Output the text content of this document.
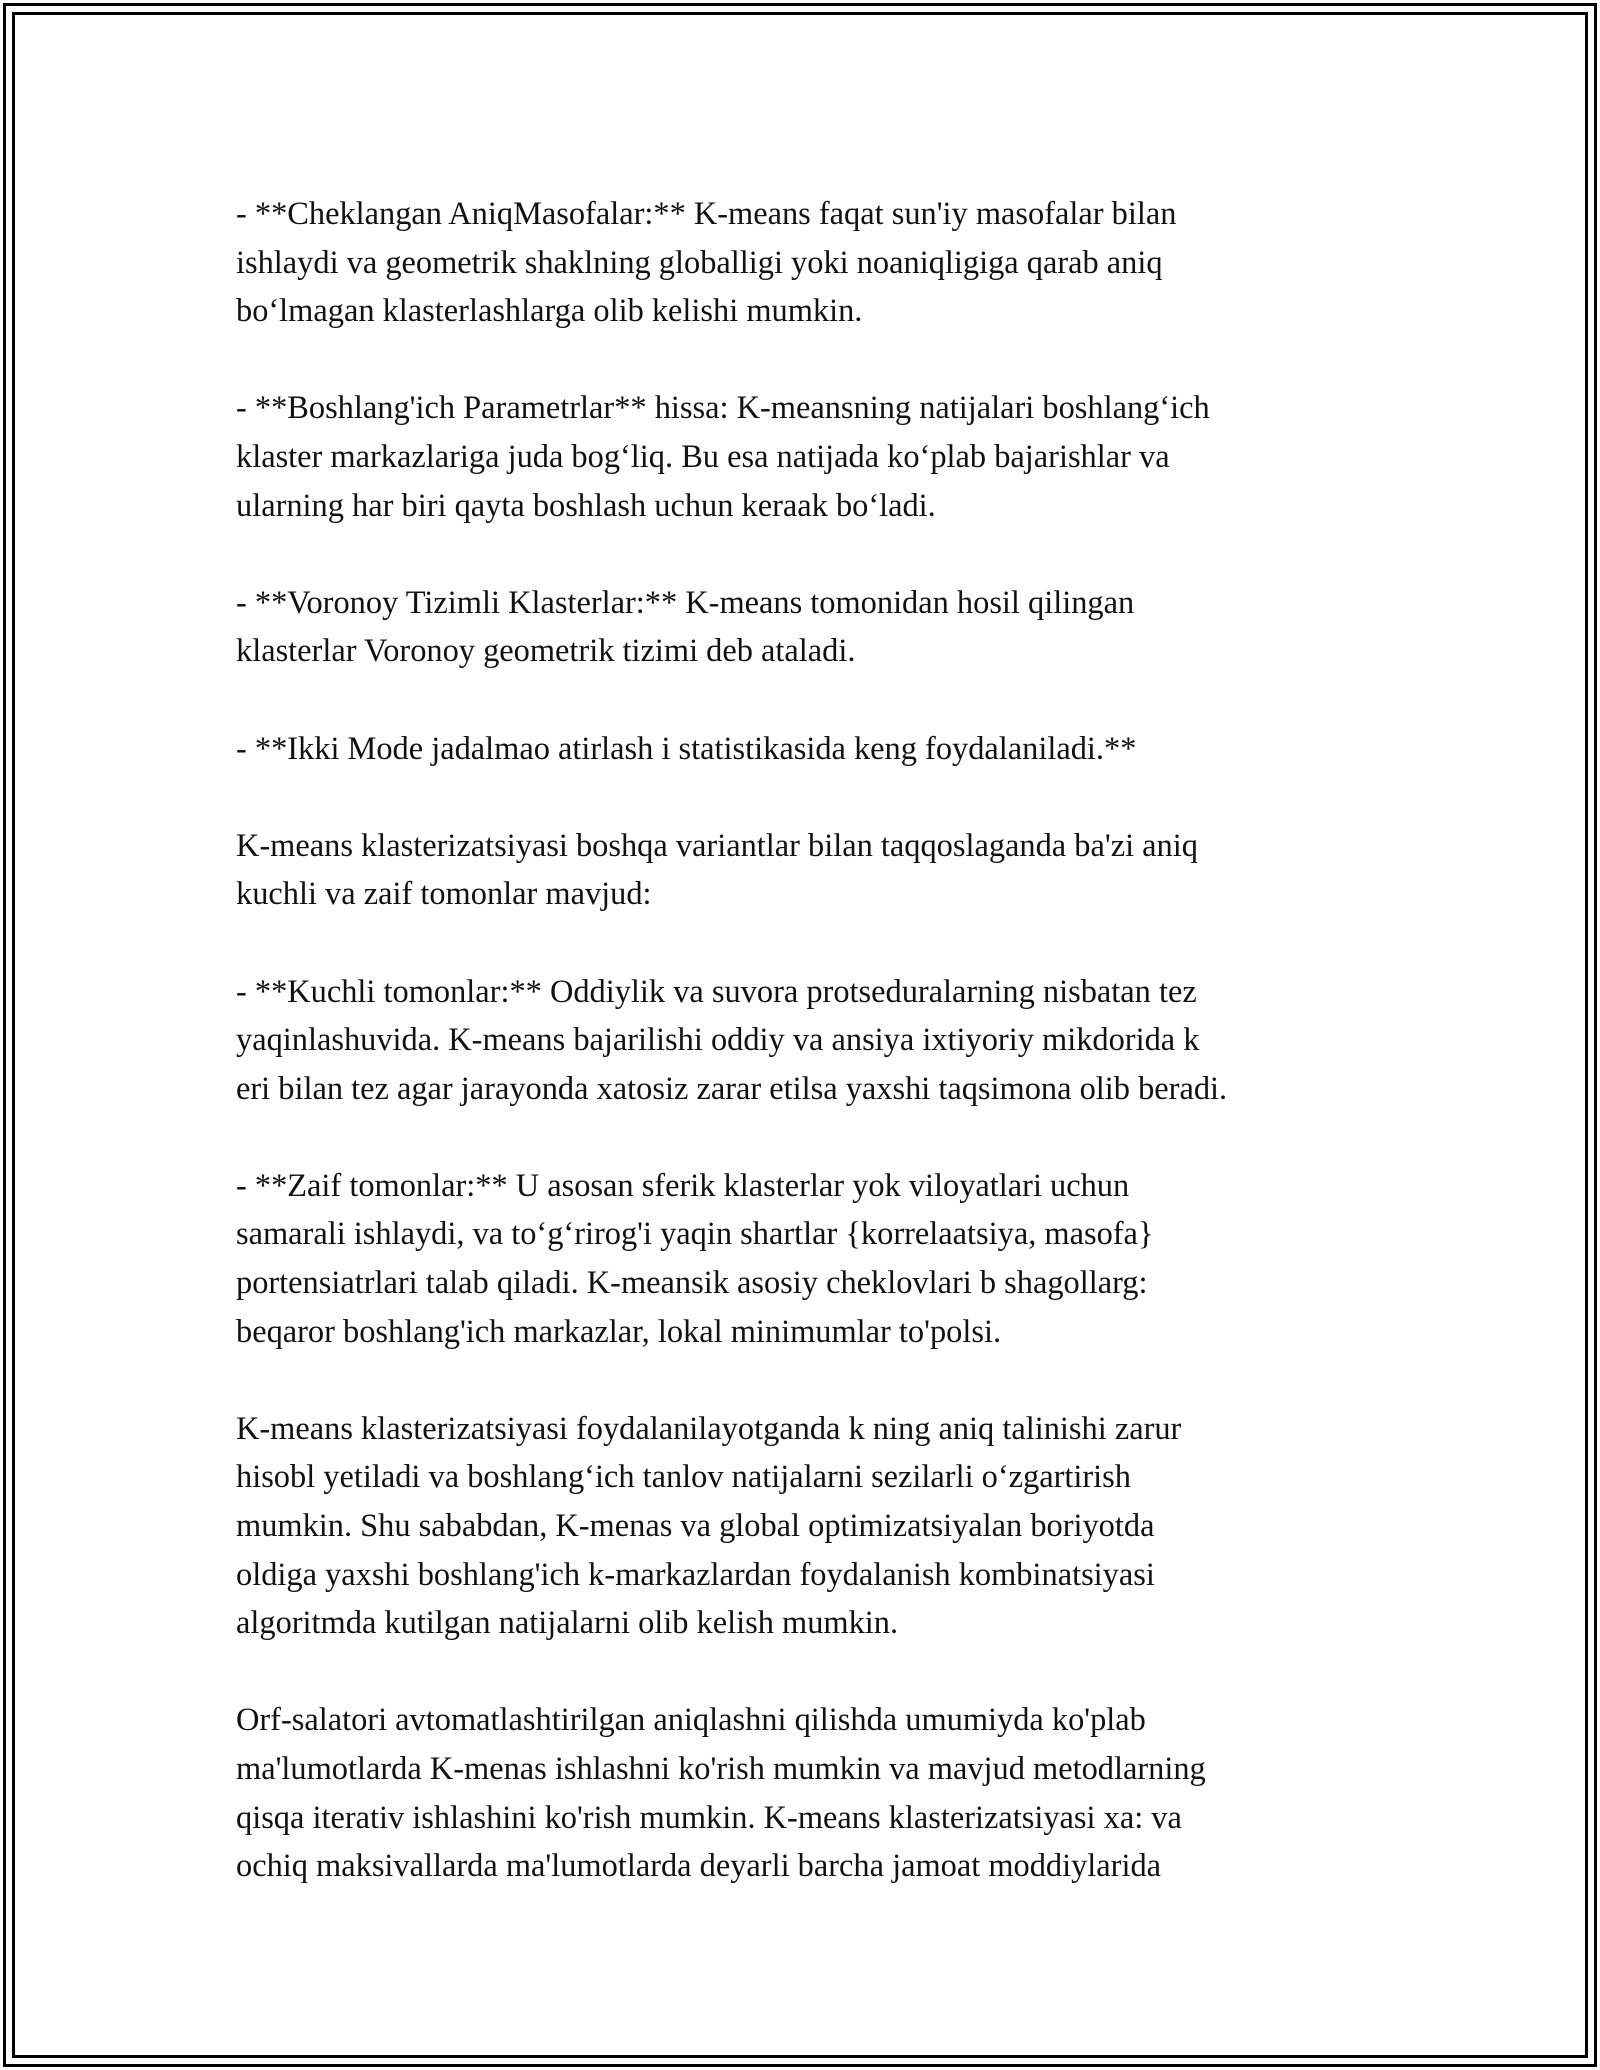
- **Cheklangan AniqMasofalar:** K-means faqat sun'iy masofalar bilan
ishlaydi va geometrik shaklning globalligi yoki noaniqligiga qarab aniq
bo‘lmagan klasterlashlarga olib kelishi mumkin.

- **Boshlang'ich Parametrlar** hissa: K-meansning natijalari boshlang‘ich
klaster markazlariga juda bog‘liq. Bu esa natijada ko‘plab bajarishlar va
ularning har biri qayta boshlash uchun keraak bo‘ladi.

- **Voronoy Tizimli Klasterlar:** K-means tomonidan hosil qilingan
klasterlar Voronoy geometrik tizimi deb ataladi.

- **Ikki Mode jadalmao atirlash i statistikasida keng foydalaniladi.**

K-means klasterizatsiyasi boshqa variantlar bilan taqqoslaganda ba'zi aniq
kuchli va zaif tomonlar mavjud:

- **Kuchli tomonlar:** Oddiylik va suvora protseduralarning nisbatan tez
yaqinlashuvida. K-means bajarilishi oddiy va ansiya ixtiyoriy mikdorida k
eri bilan tez agar jarayonda xatosiz zarar etilsa yaxshi taqsimona olib beradi.

- **Zaif tomonlar:** U asosan sferik klasterlar yok viloyatlari uchun
samarali ishlaydi, va to‘g‘rirog'i yaqin shartlar {korrelaatsiya, masofa}
portensiatrlari talab qiladi. K-meansik asosiy cheklovlari b shagollarg:
beqaror boshlang'ich markazlar, lokal minimumlar to'polsi.

K-means klasterizatsiyasi foydalanilayotganda k ning aniq talinishi zarur
hisobl yetiladi va boshlang‘ich tanlov natijalarni sezilarli o‘zgartirish
mumkin. Shu sababdan, K-menas va global optimizatsiyalan boriyotda
oldiga yaxshi boshlang'ich k-markazlardan foydalanish kombinatsiyasi
algoritmda kutilgan natijalarni olib kelish mumkin.

Orf-salatori avtomatlashtirilgan aniqlashni qilishda umumiyda ko'plab
ma'lumotlarda K-menas ishlashni ko'rish mumkin va mavjud metodlarning
qisqa iterativ ishlashini ko'rish mumkin. K-means klasterizatsiyasi xa: va
ochiq maksivallarda ma'lumotlarda deyarli barcha jamoat moddiylarida
